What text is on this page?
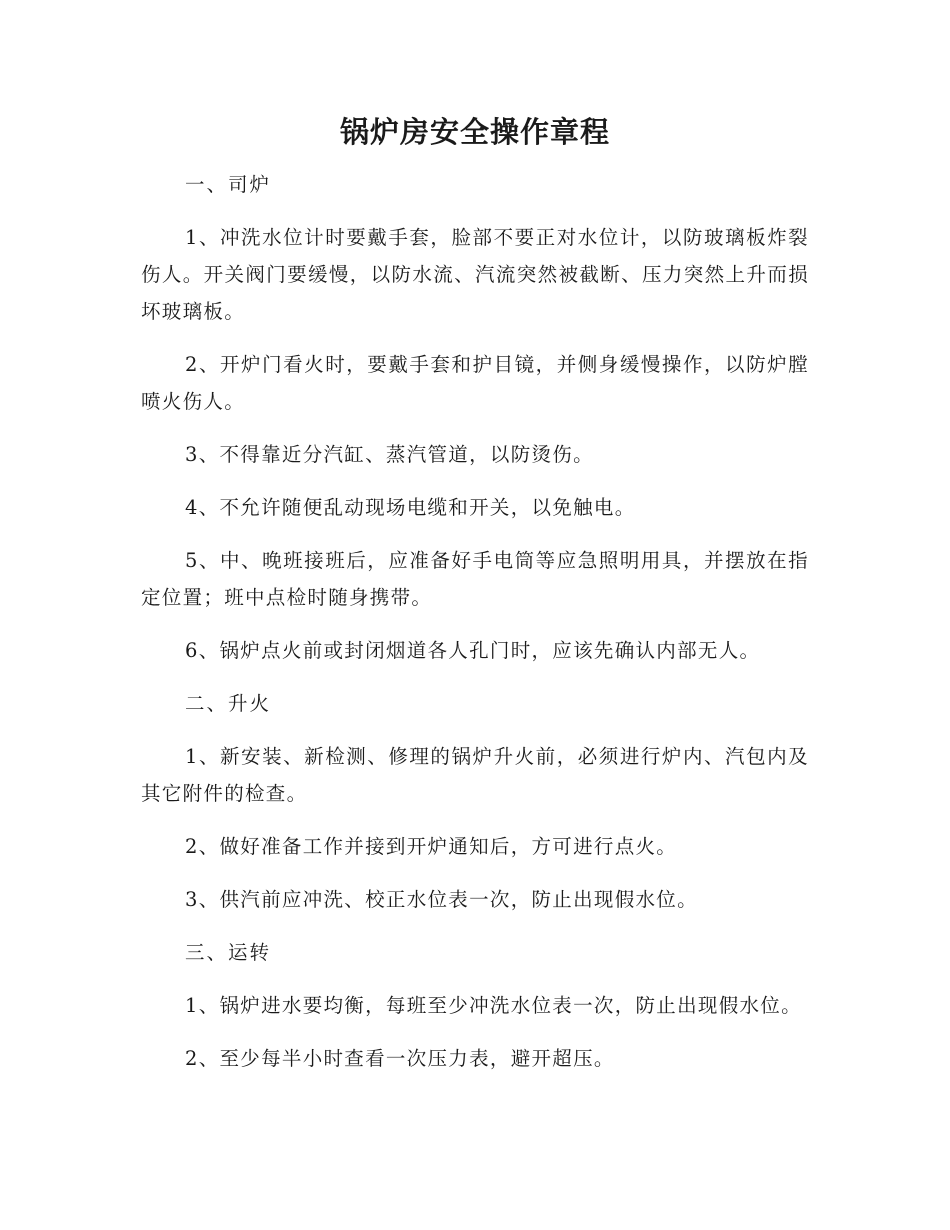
锅炉房安全操作章程
一、司炉

1、冲洗水位计时要戴手套，脸部不要正对水位计，以防玻璃板炸裂伤人。开关阀门要缓慢，以防水流、汽流突然被截断、压力突然上升而损坏玻璃板。

2、开炉门看火时，要戴手套和护目镜，并侧身缓慢操作，以防炉膛喷火伤人。

3、不得靠近分汽缸、蒸汽管道，以防烫伤。

4、不允许随便乱动现场电缆和开关，以免触电。

5、中、晚班接班后，应准备好手电筒等应急照明用具，并摆放在指定位置；班中点检时随身携带。

6、锅炉点火前或封闭烟道各人孔门时，应该先确认内部无人。

二、升火

1、新安装、新检测、修理的锅炉升火前，必须进行炉内、汽包内及其它附件的检查。

2、做好准备工作并接到开炉通知后，方可进行点火。

3、供汽前应冲洗、校正水位表一次，防止出现假水位。

三、运转

1、锅炉进水要均衡，每班至少冲洗水位表一次，防止出现假水位。

2、至少每半小时查看一次压力表，避开超压。
